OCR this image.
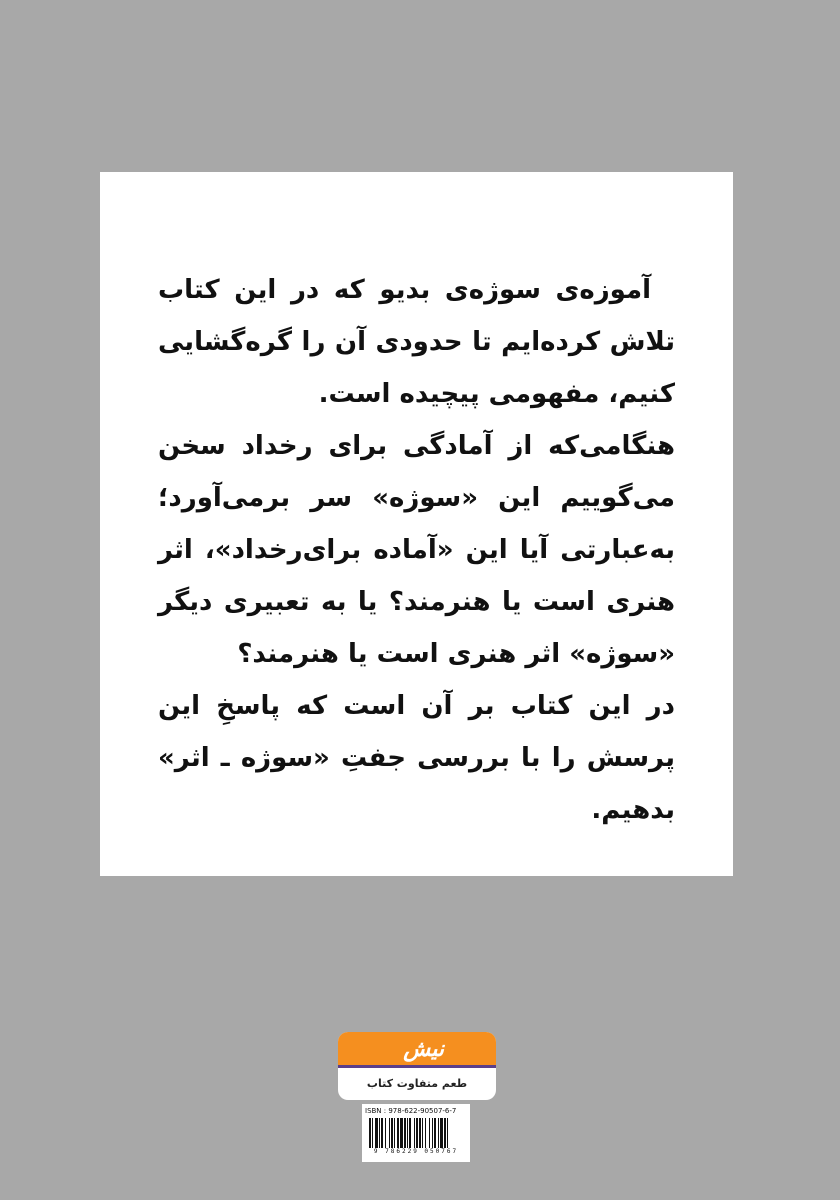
آموزه‌ی سوژه‌ی بدیو که در این کتاب تلاش کرده‌ایم تا حدودی آن را گره‌گشایی کنیم، مفهومی پیچیده است.

هنگامی‌که از آمادگی برای رخداد سخن می‌گوییم این «سوژه» سر برمی‌آورد؛ به‌عبارتی آیا این «آماده برای‌رخداد»، اثر هنری است یا هنرمند؟ یا به تعبیری دیگر «سوژه» اثر هنری است یا هنرمند؟

در این کتاب بر آن است که پاسخِ این پرسش را با بررسی جفتِ «سوژه ـ اثر» بدهیم.

نیش
طعم متفاوت کتاب
ISBN : 978-622-90507-6-7
9 786229 050767
